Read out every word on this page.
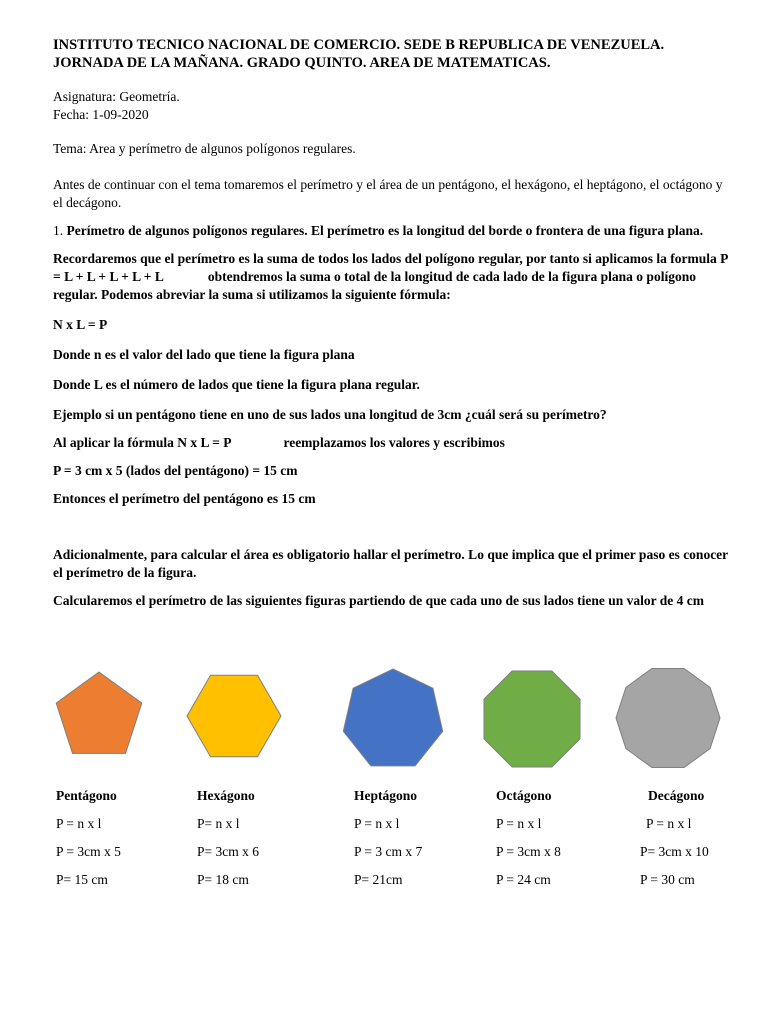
INSTITUTO TECNICO NACIONAL DE COMERCIO. SEDE B REPUBLICA DE VENEZUELA.

JORNADA DE LA MAÑANA. GRADO QUINTO. AREA DE MATEMATICAS.

Asignatura: Geometría.

Fecha: 1-09-2020

Tema: Area y perímetro de algunos polígonos regulares.

Antes de continuar con el tema tomaremos el perímetro y el área de un pentágono, el hexágono, el heptágono, el octágono y el decágono.

1. Perímetro de algunos polígonos regulares. El perímetro es la longitud del borde o frontera de una figura plana.

Recordaremos que el perímetro es la suma de todos los lados del polígono regular, por tanto si aplicamos la formula P = L + L + L + L + L	obtendremos la suma o total de la longitud de cada lado de la figura plana o polígono regular. Podemos abreviar la suma si utilizamos la siguiente fórmula:

N x L = P

Donde n es el valor del lado que tiene la figura plana

Donde L es el número de lados que tiene la figura plana regular.

Ejemplo si un pentágono tiene en uno de sus lados una longitud de 3cm ¿cuál será su perímetro?

Al aplicar la fórmula N x L = P	reemplazamos los valores y escribimos

P = 3 cm x 5 (lados del pentágono) = 15 cm

Entonces el perímetro del pentágono es 15 cm

Adicionalmente, para calcular el área es obligatorio hallar el perímetro. Lo que implica que el primer paso es conocer el perímetro de la figura.

Calcularemos el perímetro de las siguientes figuras partiendo de que cada uno de sus lados tiene un valor de 4 cm

Pentágono
P = n x l
P = 3cm x 5
P= 15 cm
Hexágono
P= n x l
P= 3cm x 6
P= 18 cm
Heptágono
P = n x l
P = 3 cm x 7
P= 21cm
Octágono
P = n x l
P = 3cm x 8
P = 24 cm
Decágono
P = n x l
P= 3cm x 10
P = 30 cm
